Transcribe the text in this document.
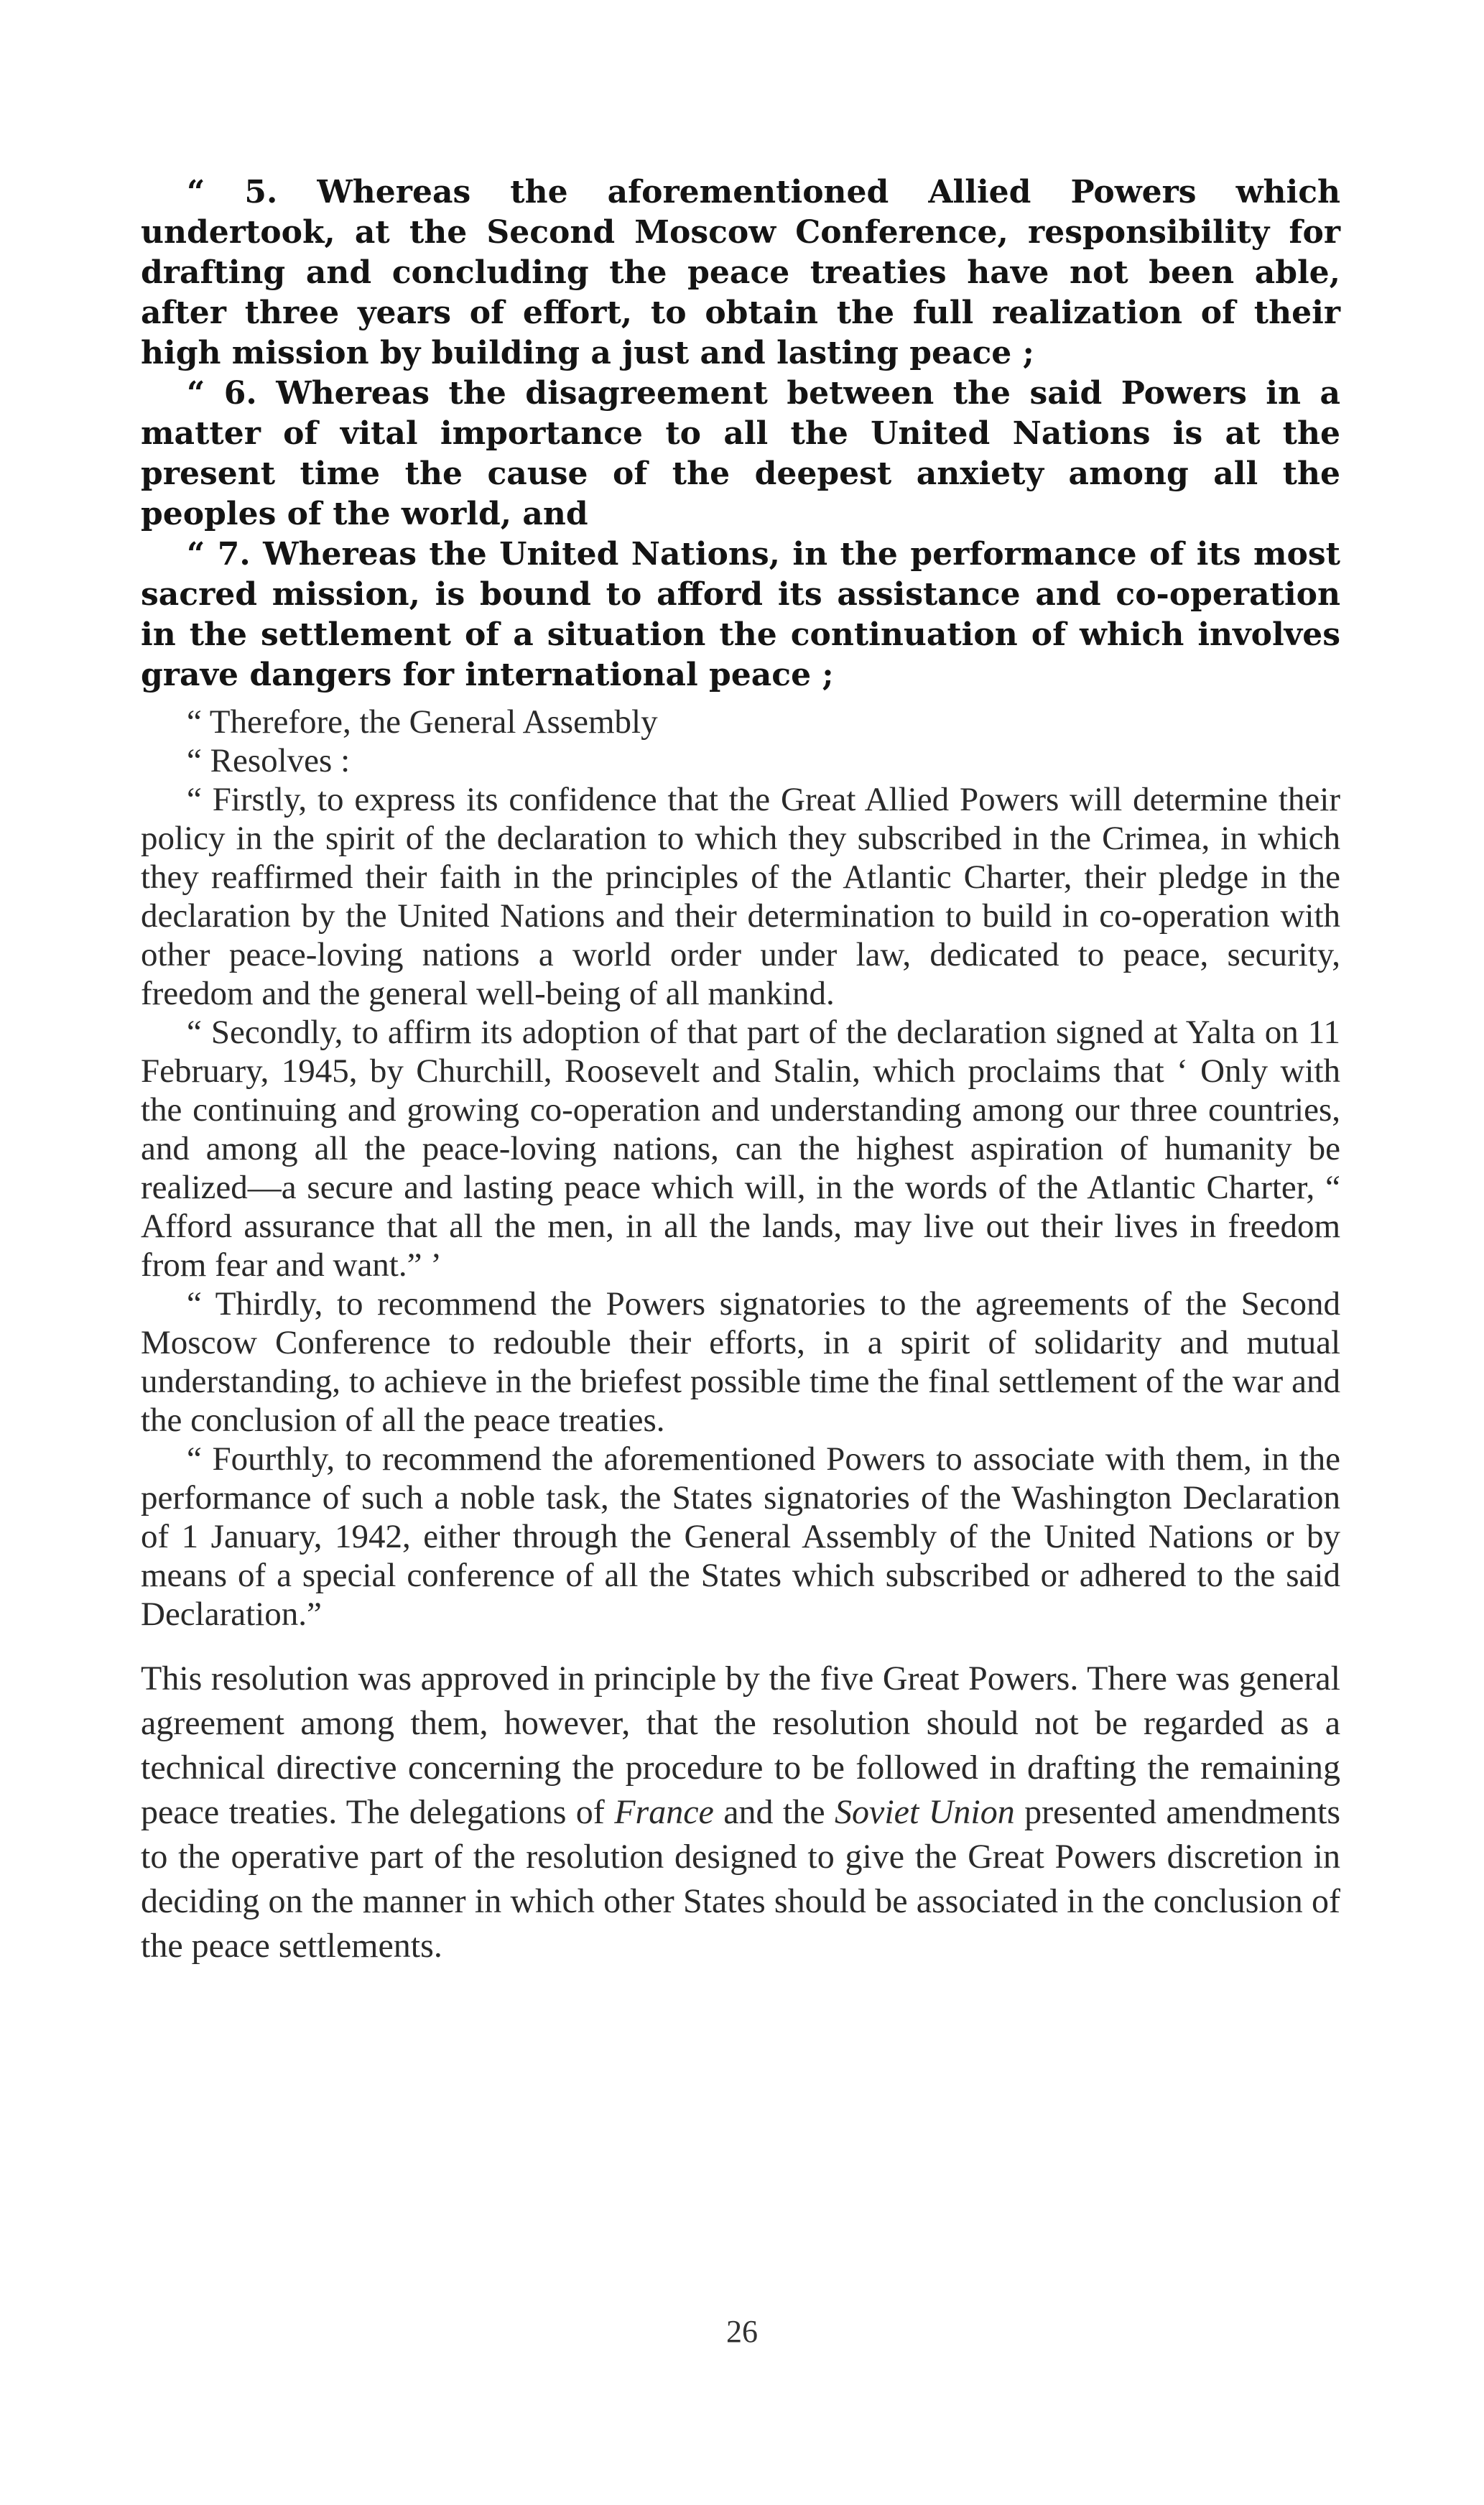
“ 5. Whereas the aforementioned Allied Powers which undertook, at the Second Moscow Conference, responsibility for drafting and concluding the peace treaties have not been able, after three years of effort, to obtain the full realization of their high mission by building a just and lasting peace ;

“ 6. Whereas the disagreement between the said Powers in a matter of vital importance to all the United Nations is at the present time the cause of the deepest anxiety among all the peoples of the world, and

“ 7. Whereas the United Nations, in the performance of its most sacred mission, is bound to afford its assistance and co-operation in the settlement of a situation the continuation of which involves grave dangers for international peace ;

“ Therefore, the General Assembly

“ Resolves :

“ Firstly, to express its confidence that the Great Allied Powers will determine their policy in the spirit of the declaration to which they subscribed in the Crimea, in which they reaffirmed their faith in the principles of the Atlantic Charter, their pledge in the declaration by the United Nations and their determination to build in co-operation with other peace-loving nations a world order under law, dedicated to peace, security, freedom and the general well-being of all mankind.

“ Secondly, to affirm its adoption of that part of the declaration signed at Yalta on 11 February, 1945, by Churchill, Roosevelt and Stalin, which proclaims that ‘ Only with the continuing and growing co-operation and understanding among our three countries, and among all the peace-loving nations, can the highest aspiration of humanity be realized—a secure and lasting peace which will, in the words of the Atlantic Charter, “ Afford assurance that all the men, in all the lands, may live out their lives in freedom from fear and want.” ’

“ Thirdly, to recommend the Powers signatories to the agreements of the Second Moscow Conference to redouble their efforts, in a spirit of solidarity and mutual understanding, to achieve in the briefest possible time the final settlement of the war and the conclusion of all the peace treaties.

“ Fourthly, to recommend the aforementioned Powers to associate with them, in the performance of such a noble task, the States signatories of the Washington Declaration of 1 January, 1942, either through the General Assembly of the United Nations or by means of a special conference of all the States which subscribed or adhered to the said Declaration.”

This resolution was approved in principle by the five Great Powers. There was general agreement among them, however, that the resolution should not be regarded as a technical directive concerning the procedure to be followed in drafting the remaining peace treaties. The delegations of France and the Soviet Union presented amendments to the operative part of the resolution designed to give the Great Powers discretion in deciding on the manner in which other States should be associated in the conclusion of the peace settlements.

26
